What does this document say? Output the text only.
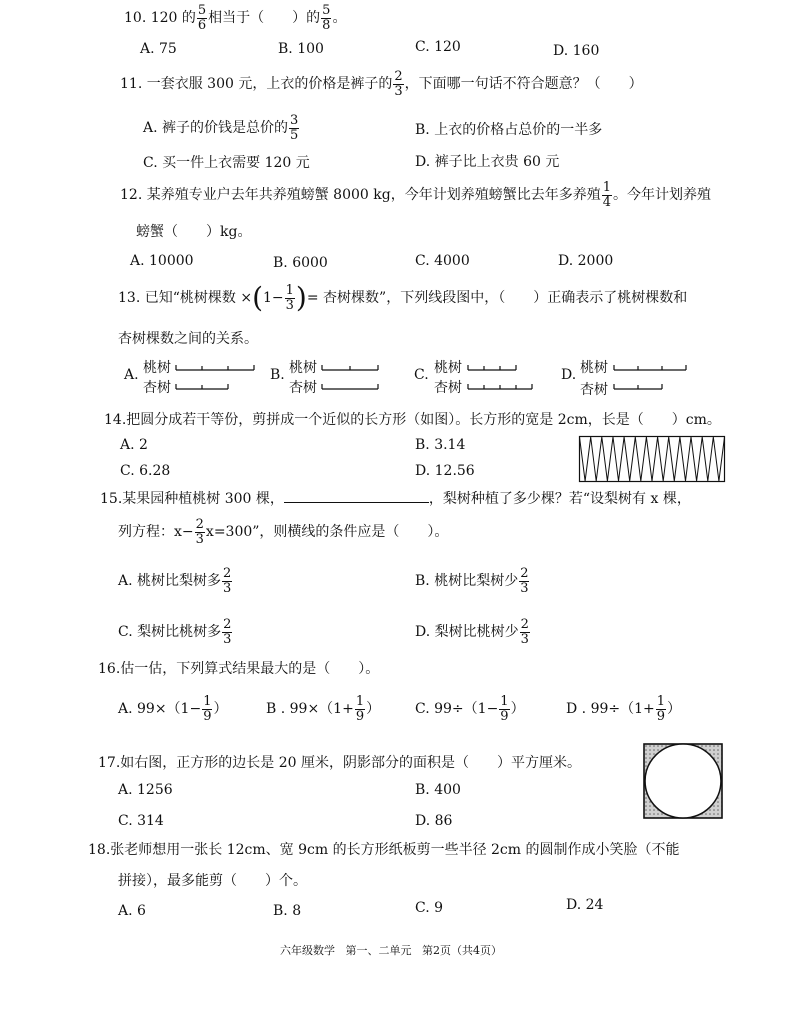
10. 120 的 $\frac{5}{6}$ 相当于（　　）的 $\frac{5}{8}$ 。
A. 75	B. 100	C. 120	D. 160
11. 一套衣服 300 元，上衣的价格是裤子的 $\frac{2}{3}$ ，下面哪一句话不符合题意？（　　）
A. 裤子的价钱是总价的 $\frac{3}{5}$	B. 上衣的价格占总价的一半多
C. 买一件上衣需要 120 元	D. 裤子比上衣贵 60 元
12. 某养殖专业户去年共养殖螃蟹 8000 kg，今年计划养殖螃蟹比去年多养殖 $\frac{1}{4}$ 。今年计划养殖
螃蟹（　　）kg。
A. 10000	B. 6000	C. 4000	D. 2000
13. 已知“桃树棵数 $\times(1- \frac{1}{3}$ )= 杏树棵数”，下列线段图中，（　　）正确表示了桃树棵数和
杏树棵数之间的关系。
A. 桃树
杏树
B. 桃树
杏树
C. 桃树
杏树
D. 桃树
杏树
14.把圆分成若干等份，剪拼成一个近似的长方形（如图）。长方形的宽是 2cm，长是（　　）cm。
A. 2	B. 3.14
C. 6.28	D. 12.56
15.某果园种植桃树 300 棵，	，梨树种植了多少棵？若“设梨树有 x 棵，
列方程：$x- \frac{2}{3} x=300$”，则横线的条件应是（　　）。
A. 桃树比梨树多 $\frac{2}{3}$	B. 桃树比梨树少 $\frac{2}{3}$
C. 梨树比桃树多 $\frac{2}{3}$	D. 梨树比桃树少 $\frac{2}{3}$
16.估一估，下列算式结果最大的是（　　）。
A. $99\times(1- \frac{1}{9}$ ）	B . $99\times(1+ \frac{1}{9}$ ） C. $99\div(1- \frac{1}{9}$ ）	D . $99\div(1+ \frac{1}{9}$ ）
17.如右图，正方形的边长是 20 厘米，阴影部分的面积是（　　）平方厘米。
A. 1256	B. 400
C. 314	D. 86
18.张老师想用一张长 12cm、宽 9cm 的长方形纸板剪一些半径 2cm 的圆制作成小笑脸（不能
拼接），最多能剪（　　）个。
A. 6	B. 8	C. 9	D. 24
六年级数学 第一、二单元 第2页（共4页）
